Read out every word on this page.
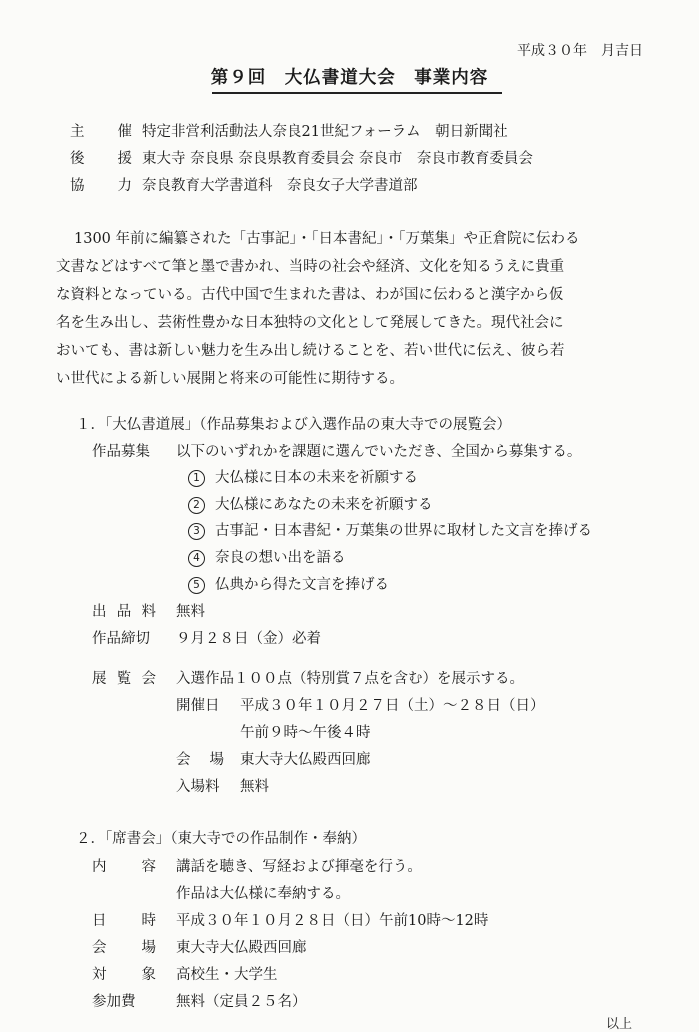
平成３０年　月吉日
第９回　大仏書道大会　事業内容
主 催 特定非営利活動法人奈良21世紀フォーラム　朝日新聞社
後 援 東大寺 奈良県 奈良県教育委員会 奈良市　奈良市教育委員会
協 力 奈良教育大学書道科　奈良女子大学書道部

1300 年前に編纂された「古事記」・「日本書紀」・「万葉集」や正倉院に伝わる

文書などはすべて筆と墨で書かれ、当時の社会や経済、文化を知るうえに貴重

な資料となっている。古代中国で生まれた書は、わが国に伝わると漢字から仮

名を生み出し、芸術性豊かな日本独特の文化として発展してきた。現代社会に

おいても、書は新しい魅力を生み出し続けることを、若い世代に伝え、彼ら若

い世代による新しい展開と将来の可能性に期待する。

１．「大仏書道展」（作品募集および入選作品の東大寺での展覧会）
作品募集 以下のいずれかを課題に選んでいただき、全国から募集する。
1 大仏様に日本の未来を祈願する
2 大仏様にあなたの未来を祈願する
3 古事記・日本書紀・万葉集の世界に取材した文言を捧げる
4 奈良の想い出を語る
5 仏典から得た文言を捧げる
出 品 料 無料
作品締切 ９月２８日（金）必着
展 覧 会 入選作品１００点（特別賞７点を含む）を展示する。
開催日 平成３０年１０月２７日（土）～２８日（日）
午前９時～午後４時
会 場 東大寺大仏殿西回廊
入場料 無料
２．「席書会」（東大寺での作品制作・奉納）
内 容 講話を聴き、写経および揮毫を行う。
作品は大仏様に奉納する。
日 時 平成３０年１０月２８日（日）午前10時～12時
会 場 東大寺大仏殿西回廊
対 象 高校生・大学生
参加費	無料（定員２５名）
以上
